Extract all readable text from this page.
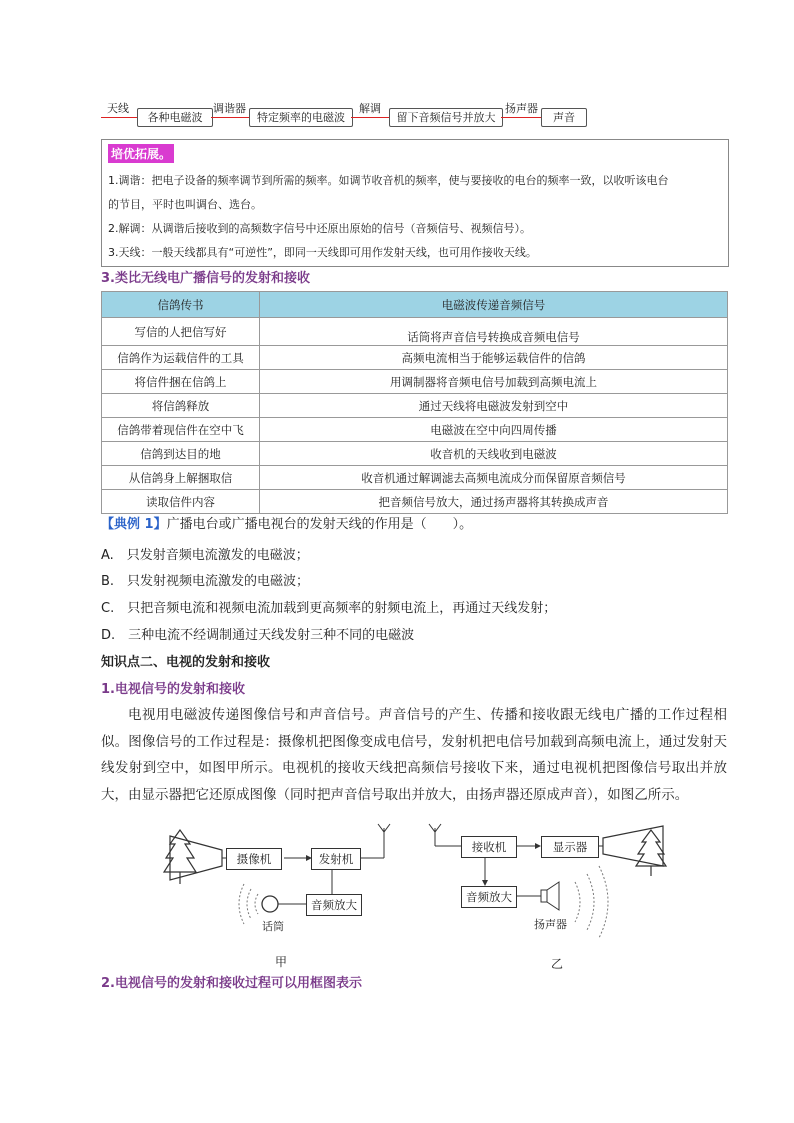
天线
各种电磁波
调谐器
特定频率的电磁波
解调
留下音频信号并放大
扬声器
声音
培优拓展。
1.调谐：把电子设备的频率调节到所需的频率。如调节收音机的频率，使与要接收的电台的频率一致，以收听该电台
的节目，平时也叫调台、选台。
2.解调：从调谐后接收到的高频数字信号中还原出原始的信号（音频信号、视频信号）。
3.天线：一般天线都具有“可逆性”，即同一天线即可用作发射天线，也可用作接收天线。
3.类比无线电广播信号的发射和接收
信鸽传书	电磁波传递音频信号
写信的人把信写好	话筒将声音信号转换成音频电信号
信鸽作为运载信件的工具	高频电流相当于能够运载信件的信鸽
将信件捆在信鸽上	用调制器将音频电信号加载到高频电流上
将信鸽释放	通过天线将电磁波发射到空中
信鸽带着现信件在空中飞	电磁波在空中向四周传播
信鸽到达目的地	收音机的天线收到电磁波
从信鸽身上解捆取信	收音机通过解调滤去高频电流成分而保留原音频信号
读取信件内容	把音频信号放大，通过扬声器将其转换成声音
【典例 1】广播电台或广播电视台的发射天线的作用是（　　）。
A.　只发射音频电流激发的电磁波；
B.　只发射视频电流激发的电磁波；
C.　只把音频电流和视频电流加载到更高频率的射频电流上，再通过天线发射；
D.　三种电流不经调制通过天线发射三种不同的电磁波
知识点二、电视的发射和接收
1.电视信号的发射和接收
电视用电磁波传递图像信号和声音信号。声音信号的产生、传播和接收跟无线电广播的工作过程相似。图像信号的工作过程是：摄像机把图像变成电信号，发射机把电信号加载到高频电流上，通过发射天线发射到空中，如图甲所示。电视机的接收天线把高频信号接收下来，通过电视机把图像信号取出并放大，由显示器把它还原成图像（同时把声音信号取出并放大，由扬声器还原成声音），如图乙所示。
摄像机	发射机
音频放大
话筒
甲
接收机	显示器
音频放大
扬声器
乙
2.电视信号的发射和接收过程可以用框图表示
